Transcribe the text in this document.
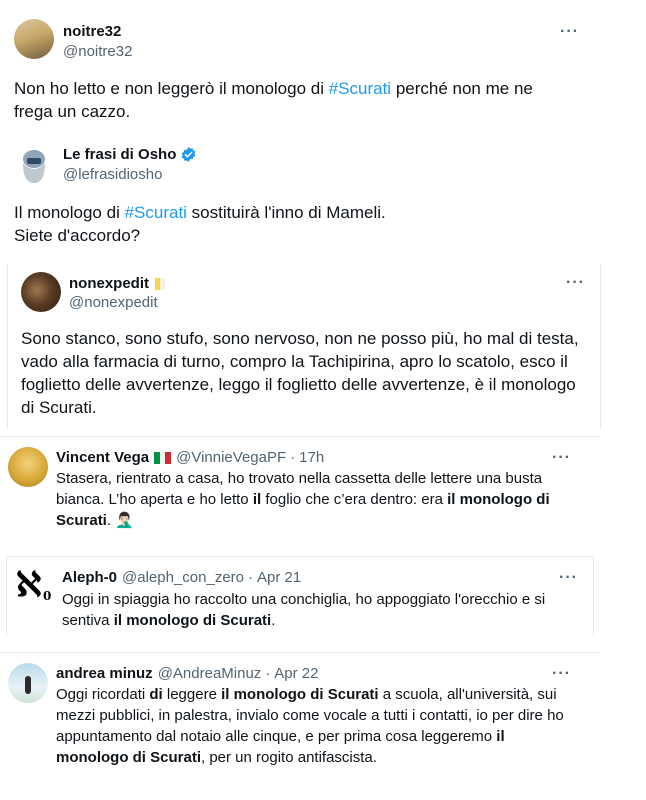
noitre32
@noitre32
···
Non ho letto e non leggerò il monologo di #Scurati perché non me ne frega un cazzo.
Le frasi di Osho
@lefrasidiosho
Il monologo di #Scurati sostituirà l'inno di Mameli.
Siete d'accordo?
nonexpedit
@nonexpedit
···
Sono stanco, sono stufo, sono nervoso, non ne posso più, ho mal di testa, vado alla farmacia di turno, compro la Tachipirina, apro lo scatolo, esco il foglietto delle avvertenze, leggo il foglietto delle avvertenze, è il monologo di Scurati.
Vincent Vega @VinnieVegaPF · 17h	···
Stasera, rientrato a casa, ho trovato nella cassetta delle lettere una busta bianca. L’ho aperta e ho letto il foglio che c’era dentro: era il monologo di Scurati. 🤦🏻‍♂️
ℵ 0
Aleph-0 @aleph_con_zero · Apr 21	···
Oggi in spiaggia ho raccolto una conchiglia, ho appoggiato l'orecchio e si sentiva il monologo di Scurati.
andrea minuz @AndreaMinuz · Apr 22	···
Oggi ricordati di leggere il monologo di Scurati a scuola, all'università, sui mezzi pubblici, in palestra, invialo come vocale a tutti i contatti, io per dire ho appuntamento dal notaio alle cinque, e per prima cosa leggeremo il monologo di Scurati, per un rogito antifascista.
